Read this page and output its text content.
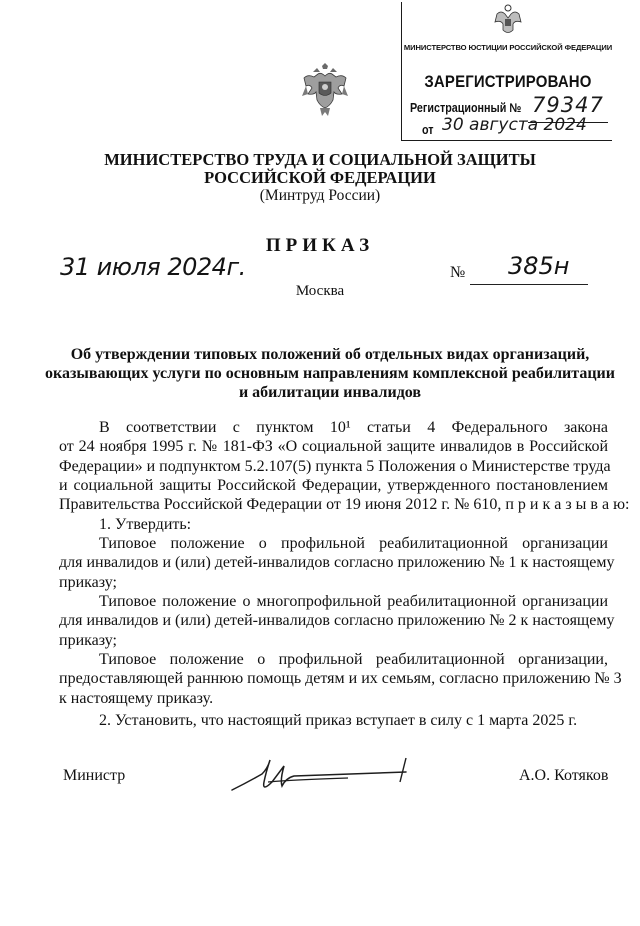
МИНИСТЕРСТВО ЮСТИЦИИ РОССИЙСКОЙ ФЕДЕРАЦИИ
ЗАРЕГИСТРИРОВАНО
Регистрационный № 79347
от 30 августа 2024
МИНИСТЕРСТВО ТРУДА И СОЦИАЛЬНОЙ ЗАЩИТЫ
РОССИЙСКОЙ ФЕДЕРАЦИИ
(Минтруд России)
ПРИКАЗ
31 июля 2024г.	№ 385н
Москва
Об утверждении типовых положений об отдельных видах организаций,
оказывающих услуги по основным направлениям комплексной реабилитации
и абилитации инвалидов
В соответствии с пунктом 10¹ статьи 4 Федерального закона
от 24 ноября 1995 г. № 181-ФЗ «О социальной защите инвалидов в Российской
Федерации» и подпунктом 5.2.107(5) пункта 5 Положения о Министерстве труда
и социальной защиты Российской Федерации, утвержденного постановлением
Правительства Российской Федерации от 19 июня 2012 г. № 610, п р и к а з ы в а ю:
1. Утвердить:
Типовое положение о профильной реабилитационной организации
для инвалидов и (или) детей-инвалидов согласно приложению № 1 к настоящему
приказу;
Типовое положение о многопрофильной реабилитационной организации
для инвалидов и (или) детей-инвалидов согласно приложению № 2 к настоящему
приказу;
Типовое положение о профильной реабилитационной организации,
предоставляющей раннюю помощь детям и их семьям, согласно приложению № 3
к настоящему приказу.
2. Установить, что настоящий приказ вступает в силу с 1 марта 2025 г.
Министр	А.О. Котяков
